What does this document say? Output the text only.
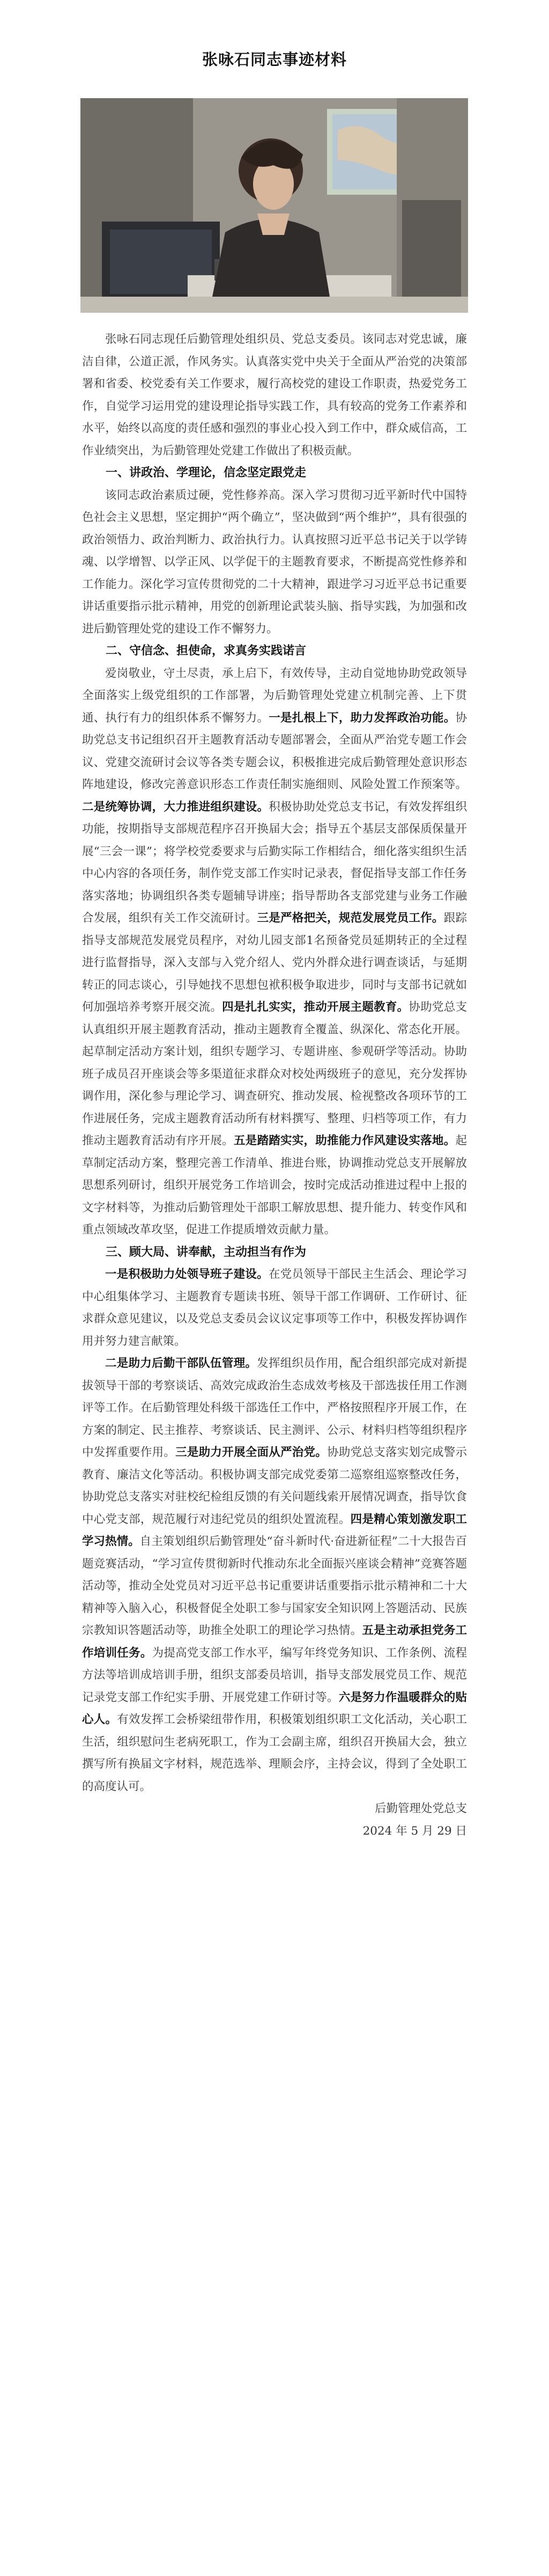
张咏石同志事迹材料

张咏石同志现任后勤管理处组织员、党总支委员。该同志对党忠诚，廉洁自律，公道正派，作风务实。认真落实党中央关于全面从严治党的决策部署和省委、校党委有关工作要求，履行高校党的建设工作职责，热爱党务工作，自觉学习运用党的建设理论指导实践工作，具有较高的党务工作素养和水平，始终以高度的责任感和强烈的事业心投入到工作中，群众威信高，工作业绩突出，为后勤管理处党建工作做出了积极贡献。

一、讲政治、学理论，信念坚定跟党走

该同志政治素质过硬，党性修养高。深入学习贯彻习近平新时代中国特色社会主义思想，坚定拥护“两个确立”，坚决做到“两个维护”，具有很强的政治领悟力、政治判断力、政治执行力。认真按照习近平总书记关于以学铸魂、以学增智、以学正风、以学促干的主题教育要求，不断提高党性修养和工作能力。深化学习宣传贯彻党的二十大精神，跟进学习习近平总书记重要讲话重要指示批示精神，用党的创新理论武装头脑、指导实践，为加强和改进后勤管理处党的建设工作不懈努力。

二、守信念、担使命，求真务实践诺言

爱岗敬业，守土尽责，承上启下，有效传导，主动自觉地协助党政领导全面落实上级党组织的工作部署，为后勤管理处党建立机制完善、上下贯通、执行有力的组织体系不懈努力。一是扎根上下，助力发挥政治功能。协助党总支书记组织召开主题教育活动专题部署会，全面从严治党专题工作会议、党建交流研讨会议等各类专题会议，积极推进完成后勤管理处意识形态阵地建设，修改完善意识形态工作责任制实施细则、风险处置工作预案等。二是统筹协调，大力推进组织建设。积极协助处党总支书记，有效发挥组织功能，按期指导支部规范程序召开换届大会；指导五个基层支部保质保量开展“三会一课”；将学校党委要求与后勤实际工作相结合，细化落实组织生活中心内容的各项任务，制作党支部工作实时记录表，督促指导支部工作任务落实落地；协调组织各类专题辅导讲座；指导帮助各支部党建与业务工作融合发展，组织有关工作交流研讨。三是严格把关，规范发展党员工作。跟踪指导支部规范发展党员程序，对幼儿园支部1名预备党员延期转正的全过程进行监督指导，深入支部与入党介绍人、党内外群众进行调查谈话，与延期转正的同志谈心，引导她找不思想包袱积极争取进步，同时与支部书记就如何加强培养考察开展交流。四是扎扎实实，推动开展主题教育。协助党总支认真组织开展主题教育活动，推动主题教育全覆盖、纵深化、常态化开展。起草制定活动方案计划，组织专题学习、专题讲座、参观研学等活动。协助班子成员召开座谈会等多渠道征求群众对校处两级班子的意见，充分发挥协调作用，深化参与理论学习、调查研究、推动发展、检视整改各项环节的工作进展任务，完成主题教育活动所有材料撰写、整理、归档等项工作，有力推动主题教育活动有序开展。五是踏踏实实，助推能力作风建设实落地。起草制定活动方案，整理完善工作清单、推进台账，协调推动党总支开展解放思想系列研讨，组织开展党务工作培训会，按时完成活动推进过程中上报的文字材料等，为推动后勤管理处干部职工解放思想、提升能力、转变作风和重点领域改革攻坚，促进工作提质增效贡献力量。

三、顾大局、讲奉献，主动担当有作为

一是积极助力处领导班子建设。在党员领导干部民主生活会、理论学习中心组集体学习、主题教育专题读书班、领导干部工作调研、工作研讨、征求群众意见建议，以及党总支委员会议议定事项等工作中，积极发挥协调作用并努力建言献策。

二是助力后勤干部队伍管理。发挥组织员作用，配合组织部完成对新提拔领导干部的考察谈话、高效完成政治生态成效考核及干部选拔任用工作测评等工作。在后勤管理处科级干部选任工作中，严格按照程序开展工作，在方案的制定、民主推荐、考察谈话、民主测评、公示、材料归档等组织程序中发挥重要作用。三是助力开展全面从严治党。协助党总支落实划完成警示教育、廉洁文化等活动。积极协调支部完成党委第二巡察组巡察整改任务，协助党总支落实对驻校纪检组反馈的有关问题线索开展情况调查，指导饮食中心党支部，规范履行对违纪党员的组织处置流程。四是精心策划激发职工学习热情。自主策划组织后勤管理处“奋斗新时代·奋进新征程”二十大报告百题竞赛活动，“学习宣传贯彻新时代推动东北全面振兴座谈会精神”竞赛答题活动等，推动全处党员对习近平总书记重要讲话重要指示批示精神和二十大精神等入脑入心，积极督促全处职工参与国家安全知识网上答题活动、民族宗教知识答题活动等，助推全处职工的理论学习热情。五是主动承担党务工作培训任务。为提高党支部工作水平，编写年终党务知识、工作条例、流程方法等培训成培训手册，组织支部委员培训，指导支部发展党员工作、规范记录党支部工作纪实手册、开展党建工作研讨等。六是努力作温暖群众的贴心人。有效发挥工会桥梁纽带作用，积极策划组织职工文化活动，关心职工生活，组织慰问生老病死职工，作为工会副主席，组织召开换届大会，独立撰写所有换届文字材料，规范选举、理顺会序，主持会议，得到了全处职工的高度认可。

后勤管理处党总支

2024 年 5 月 29 日
